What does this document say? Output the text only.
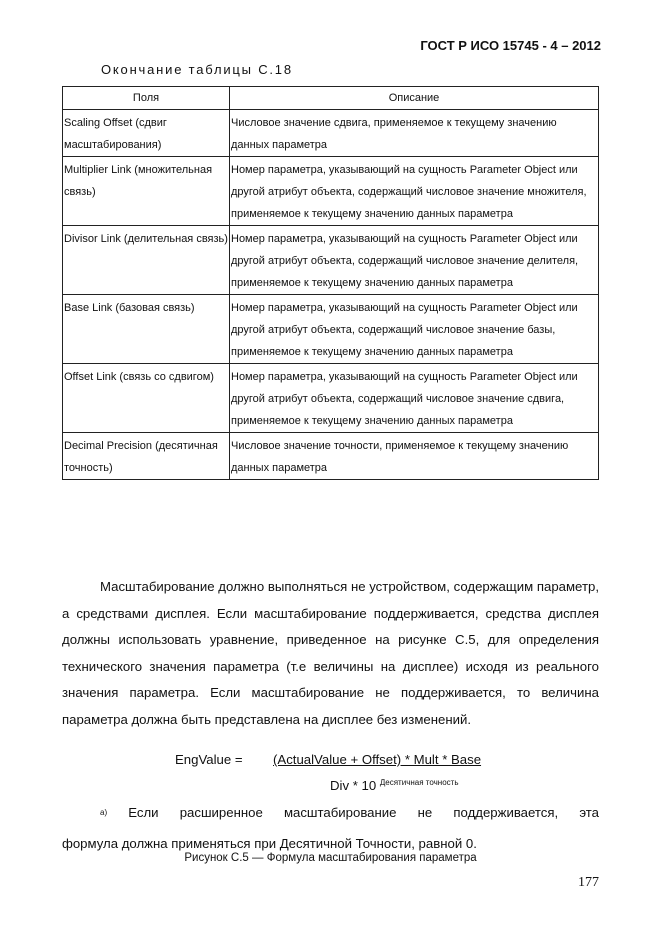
ГОСТ Р ИСО 15745 - 4 – 2012
Окончание таблицы С.18
Поля	Описание
Scaling Offset (сдвиг масштабирования)	Числовое значение сдвига, применяемое к текущему значению данных параметра
Multiplier Link (множительная связь)	Номер параметра, указывающий на сущность Parameter Object или другой атрибут объекта, содержащий числовое значение множителя, применяемое к текущему значению данных параметра
Divisor Link (делительная связь)	Номер параметра, указывающий на сущность Parameter Object или другой атрибут объекта, содержащий числовое значение делителя, применяемое к текущему значению данных параметра
Base Link (базовая связь)	Номер параметра, указывающий на сущность Parameter Object или другой атрибут объекта, содержащий числовое значение базы, применяемое к текущему значению данных параметра
Offset Link (связь со сдвигом)	Номер параметра, указывающий на сущность Parameter Object или другой атрибут объекта, содержащий числовое значение сдвига, применяемое к текущему значению данных параметра
Decimal Precision (десятичная точность)	Числовое значение точности, применяемое к текущему значению данных параметра

Масштабирование должно выполняться не устройством, содержащим параметр, а средствами дисплея. Если масштабирование поддерживается, средства дисплея должны использовать уравнение, приведенное на рисунке С.5, для определения технического значения параметра (т.е величины на дисплее) исходя из реального значения параметра. Если масштабирование не поддерживается, то величина параметра должна быть представлена на дисплее без изменений.

EngValue = (ActualValue + Offset) * Mult * Base
Div * 10 $^{Десятичная точность}$
$^{а)}$ Если расширенное масштабирование не поддерживается, эта
формула должна применяться при Десятичной Точности, равной 0.
Рисунок С.5 — Формула масштабирования параметра
177
